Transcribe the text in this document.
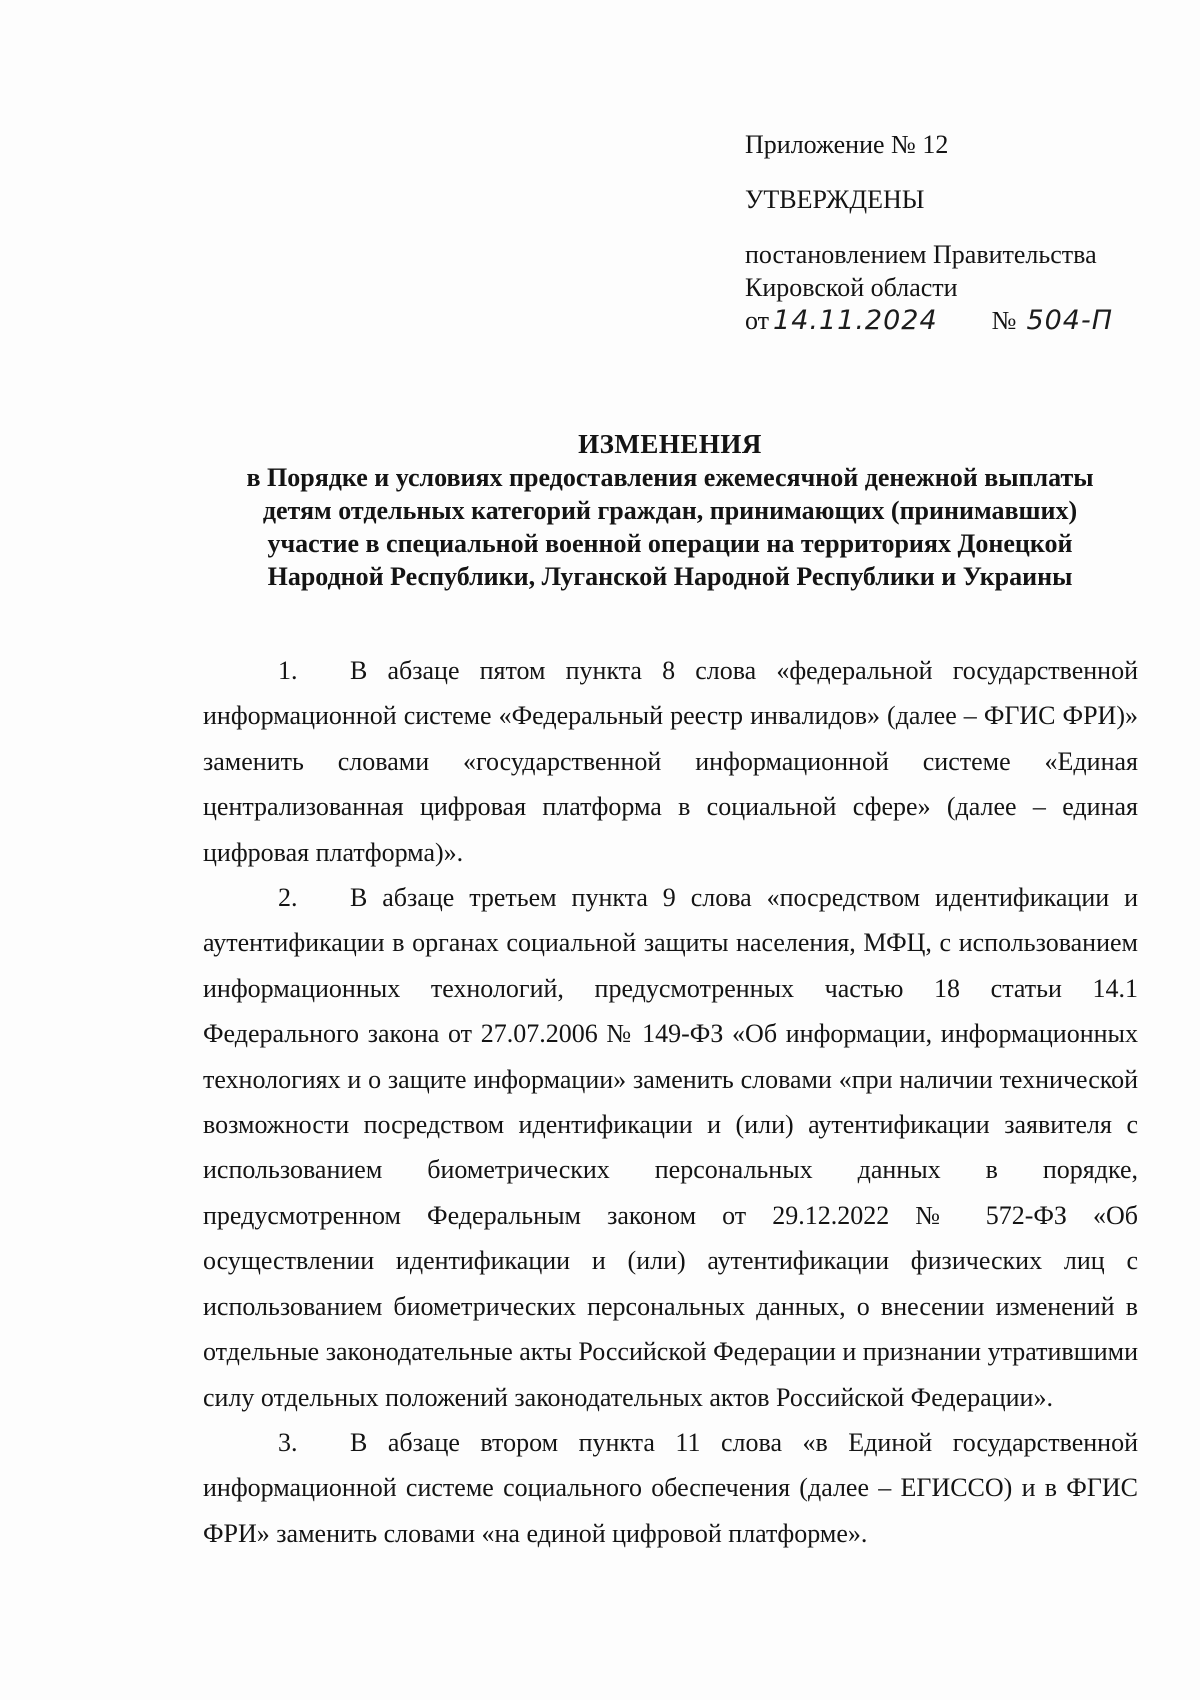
Приложение № 12
УТВЕРЖДЕНЫ
постановлением Правительства
Кировской области
от 14.11.2024 № 504-П
ИЗМЕНЕНИЯ
в Порядке и условиях предоставления ежемесячной денежной выплаты
детям отдельных категорий граждан, принимающих (принимавших)
участие в специальной военной операции на территориях Донецкой
Народной Республики, Луганской Народной Республики и Украины

1. В абзаце пятом пункта 8 слова «федеральной государственной информационной системе «Федеральный реестр инвалидов» (далее – ФГИС ФРИ)» заменить словами «государственной информационной системе «Единая централизованная цифровая платформа в социальной сфере» (далее – единая цифровая платформа)».

2. В абзаце третьем пункта 9 слова «посредством идентификации и аутентификации в органах социальной защиты населения, МФЦ, с использованием информационных технологий, предусмотренных частью 18 статьи 14.1 Федерального закона от 27.07.2006 № 149-ФЗ «Об информации, информационных технологиях и о защите информации» заменить словами «при наличии технической возможности посредством идентификации и (или) аутентификации заявителя с использованием биометрических персональных данных в порядке, предусмотренном Федеральным законом от 29.12.2022 № 572-ФЗ «Об осуществлении идентификации и (или) аутентификации физических лиц с использованием биометрических персональных данных, о внесении изменений в отдельные законодательные акты Российской Федерации и признании утратившими силу отдельных положений законодательных актов Российской Федерации».

3. В абзаце втором пункта 11 слова «в Единой государственной информационной системе социального обеспечения (далее – ЕГИССО) и в ФГИС ФРИ» заменить словами «на единой цифровой платформе».
